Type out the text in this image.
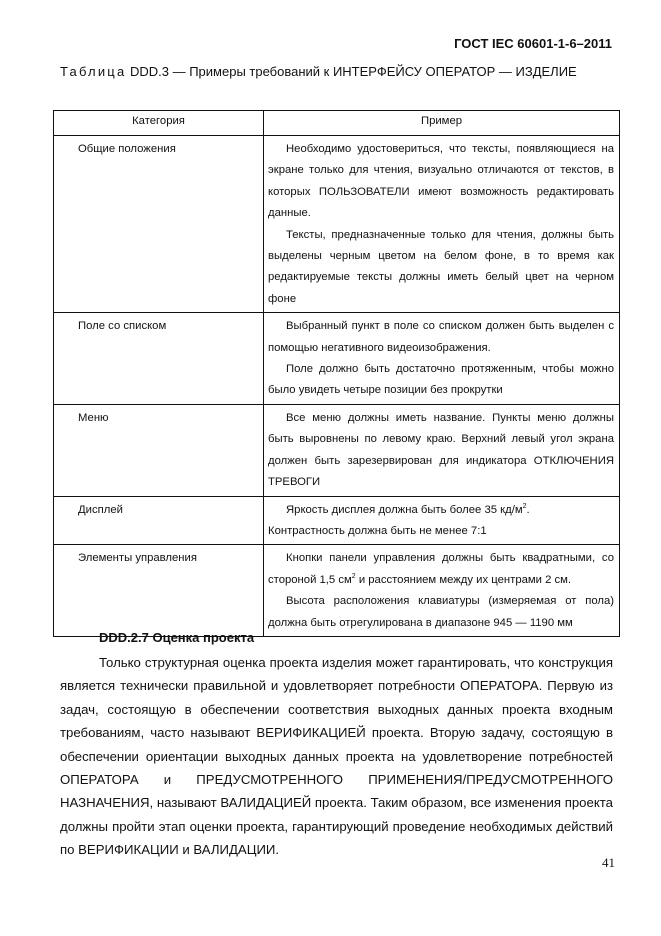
ГОСТ IEC 60601-1-6–2011
Таблица DDD.3 — Примеры требований к ИНТЕРФЕЙСУ ОПЕРАТОР — ИЗДЕЛИЕ
Категория	Пример
Общие положения	Необходимо удостовериться, что тексты, появляющиеся на экране только для чтения, визуально отличаются от текстов, в которых ПОЛЬЗОВАТЕЛИ имеют возможность редактировать данные.

Тексты, предназначенные только для чтения, должны быть выделены черным цветом на белом фоне, в то время как редактируемые тексты должны иметь белый цвет на черном фоне

Поле со списком	Выбранный пункт в поле со списком должен быть выделен с помощью негативного видеоизображения.

Поле должно быть достаточно протяженным, чтобы можно было увидеть четыре позиции без прокрутки

Меню	Все меню должны иметь название. Пункты меню должны быть выровнены по левому краю. Верхний левый угол экрана должен быть зарезервирован для индикатора ОТКЛЮЧЕНИЯ ТРЕВОГИ

Дисплей	Яркость дисплея должна быть более 35 $кд/м^2$.

Контрастность должна быть не менее 7:1

Элементы управления	Кнопки панели управления должны быть квадратными, со стороной 1,5 $см^2$ и расстоянием между их центрами 2 см.

Высота расположения клавиатуры (измеряемая от пола) должна быть отрегулирована в диапазоне 945 — 1190 мм

DDD.2.7 Оценка проекта

Только структурная оценка проекта изделия может гарантировать, что конструкция является технически правильной и удовлетворяет потребности ОПЕРАТОРА. Первую из задач, состоящую в обеспечении соответствия выходных данных проекта входным требованиям, часто называют ВЕРИФИКАЦИЕЙ проекта. Вторую задачу, состоящую в обеспечении ориентации выходных данных проекта на удовлетворение потребностей ОПЕРАТОРА и ПРЕДУСМОТРЕННОГО ПРИМЕНЕНИЯ/ПРЕДУСМОТРЕННОГО НАЗНАЧЕНИЯ, называют ВАЛИДАЦИЕЙ проекта. Таким образом, все изменения проекта должны пройти этап оценки проекта, гарантирующий проведение необходимых действий по ВЕРИФИКАЦИИ и ВАЛИДАЦИИ.

41
